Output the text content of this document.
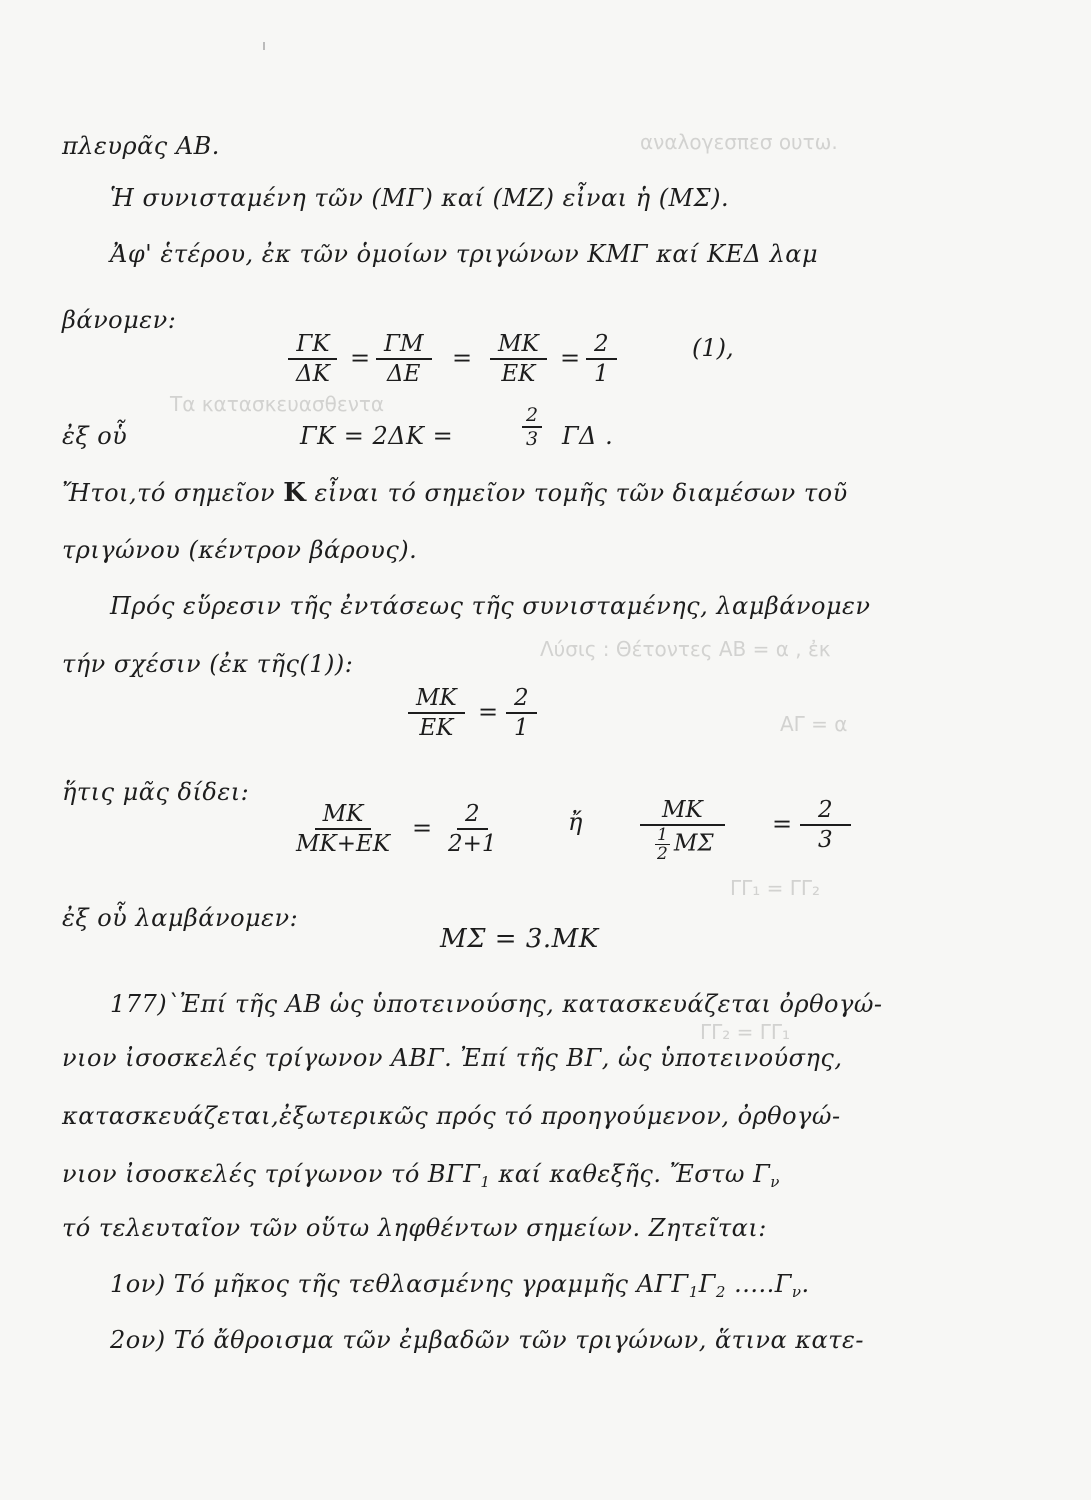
αναλογεσπεσ ουτω.
Τα κατασκευασθεντα
Λύσις : Θέτοντες ΑΒ = α , ἐκ
ΑΓ = α
ΓΓ₂ = ΓΓ₁
ΓΓ₁ = ΓΓ₂
πλευρᾶς ΑΒ.
Ἡ συνισταμένη τῶν (ΜΓ) καί (ΜΖ) εἶναι ἡ (ΜΣ).
Ἀφ' ἑτέρου, ἐκ τῶν ὁμοίων τριγώνων ΚΜΓ καί ΚΕΔ λαμ
βάνομεν:
$\frac{\Gamma K}{\Delta K} = \frac{\Gamma M}{\Delta E} = \frac{MK}{EK} = \frac{2}{1}$	(1),
ἐξ οὗ	ΓΚ = 2ΔΚ =	$\frac{2}{3}$ ΓΔ .
Ἤτοι,τό σημεῖον Κ εἶναι τό σημεῖον τομῆς τῶν διαμέσων τοῦ
τριγώνου (κέντρον βάρους).
Πρός εὕρεσιν τῆς ἐντάσεως τῆς συνισταμένης, λαμβάνομεν
τήν σχέσιν (ἐκ τῆς(1)):
$\frac{MK}{EK} = \frac{2}{1}$
ἥτις μᾶς δίδει:
$\frac{MK}{MK+EK} = \frac{2}{2+1}$	ἤ	$\frac{MK}{\frac{1}{2} M\Sigma} = \frac{2}{3}$
ἐξ οὗ λαμβάνομεν:
ΜΣ = 3.ΜΚ
177)`Ἐπί τῆς ΑΒ ὡς ὑποτεινούσης, κατασκευάζεται ὀρθογώ-
νιον ἰσοσκελές τρίγωνον ΑΒΓ. Ἐπί τῆς ΒΓ, ὡς ὑποτεινούσης,
κατασκευάζεται,ἐξωτερικῶς πρός τό προηγούμενον, ὀρθογώ-
νιον ἰσοσκελές τρίγωνον τό $B\Gamma\Gamma_1$ καί καθεξῆς. Ἔστω $\Gamma_\nu$
τό τελευταῖον τῶν οὕτω ληφθέντων σημείων. Ζητεῖται:
1ον) Τό μῆκος τῆς τεθλασμένης γραμμῆς $A\Gamma\Gamma_1\Gamma_2$ $.....\Gamma_\nu$.
2ον) Τό ἄθροισμα τῶν ἐμβαδῶν τῶν τριγώνων, ἅτινα κατε-
